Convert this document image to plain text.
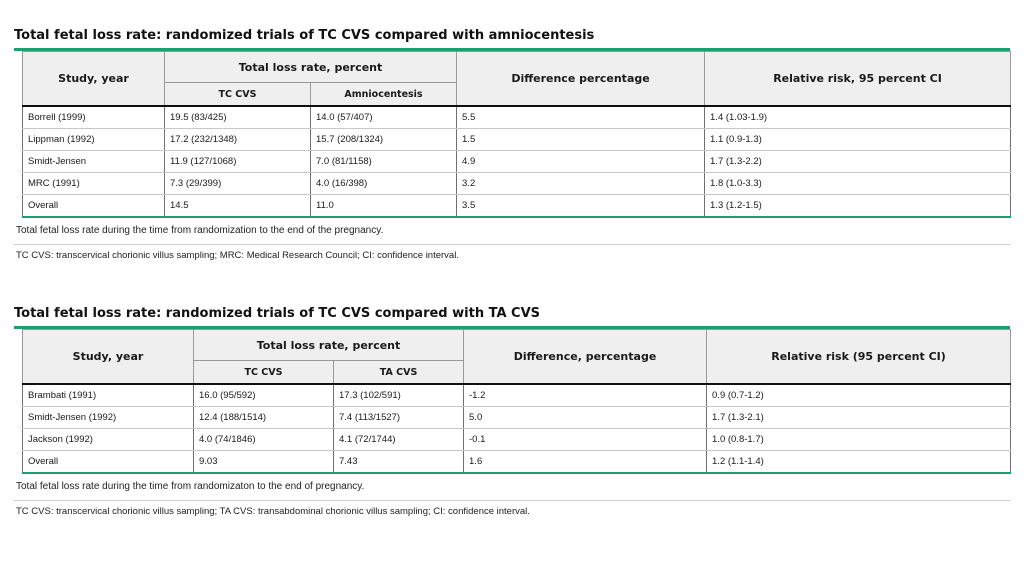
Total fetal loss rate: randomized trials of TC CVS compared with amniocentesis
Study, year	Total loss rate, percent		Difference percentage	Relative risk, 95 percent CI
	TC CVS	Amniocentesis		
Borrell (1999)	19.5 (83/425)	14.0 (57/407)	5.5	1.4 (1.03-1.9)
Lippman (1992)	17.2 (232/1348)	15.7 (208/1324)	1.5	1.1 (0.9-1.3)
Smidt-Jensen	11.9 (127/1068)	7.0 (81/1158)	4.9	1.7 (1.3-2.2)
MRC (1991)	7.3 (29/399)	4.0 (16/398)	3.2	1.8 (1.0-3.3)
Overall	14.5	11.0	3.5	1.3 (1.2-1.5)
Total fetal loss rate during the time from randomization to the end of the pregnancy.
TC CVS: transcervical chorionic villus sampling; MRC: Medical Research Council; CI: confidence interval.
Total fetal loss rate: randomized trials of TC CVS compared with TA CVS
Study, year	Total loss rate, percent		Difference, percentage	Relative risk (95 percent CI)
	TC CVS	TA CVS		
Brambati (1991)	16.0 (95/592)	17.3 (102/591)	-1.2	0.9 (0.7-1.2)
Smidt-Jensen (1992)	12.4 (188/1514)	7.4 (113/1527)	5.0	1.7 (1.3-2.1)
Jackson (1992)	4.0 (74/1846)	4.1 (72/1744)	-0.1	1.0 (0.8-1.7)
Overall	9.03	7.43	1.6	1.2 (1.1-1.4)
Total fetal loss rate during the time from randomizaton to the end of pregnancy.
TC CVS: transcervical chorionic villus sampling; TA CVS: transabdominal chorionic villus sampling; CI: confidence interval.
